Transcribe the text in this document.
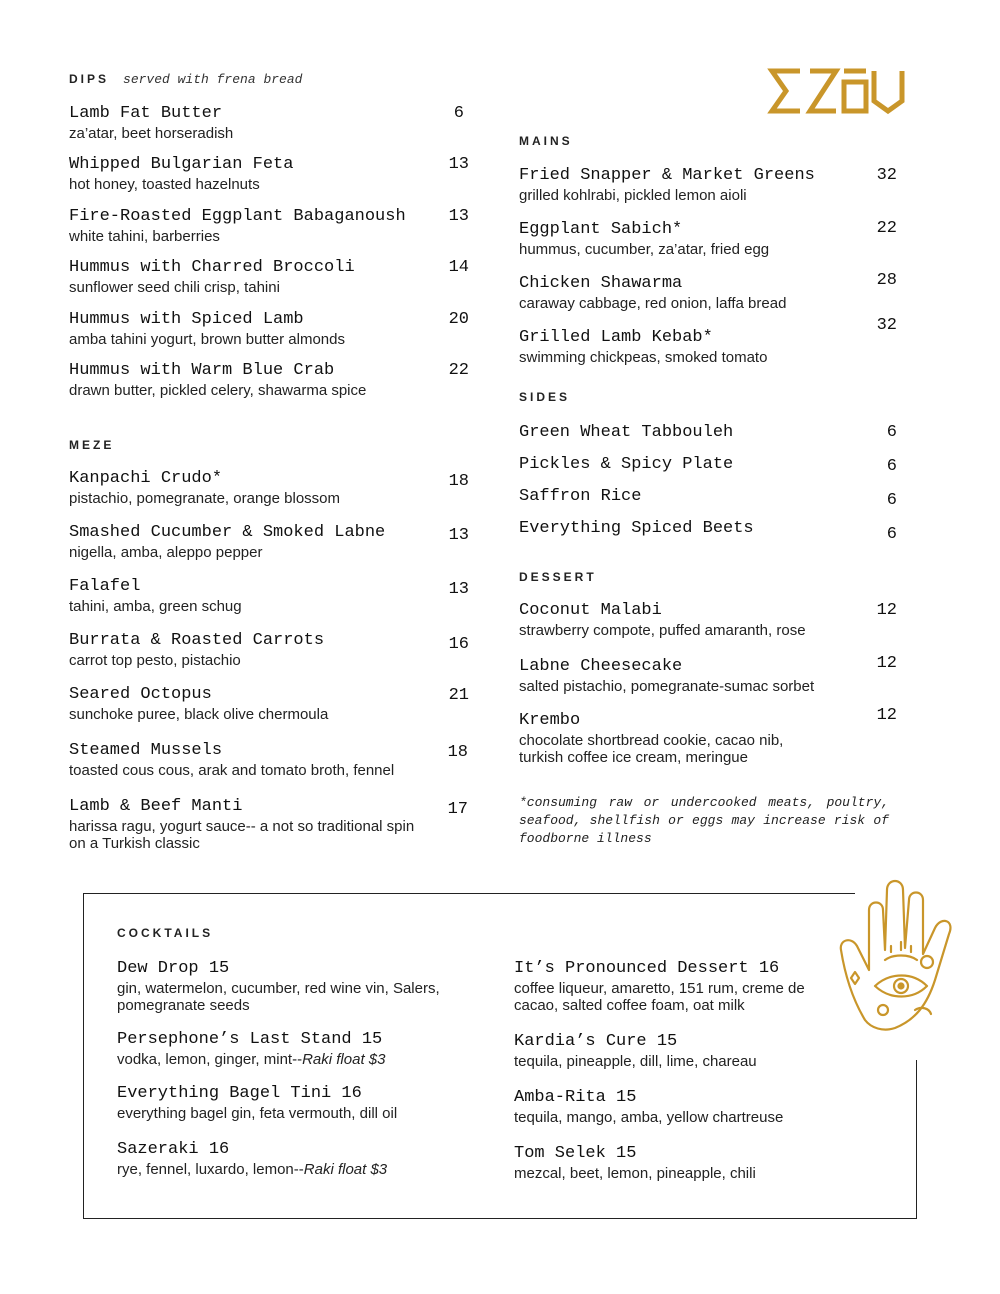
EZOV
DIPS served with frena bread
Lamb Fat Butter
za’atar, beet horseradish
6
Whipped Bulgarian Feta
hot honey, toasted hazelnuts
13
Fire-Roasted Eggplant Babaganoush
white tahini, barberries
13
Hummus with Charred Broccoli
sunflower seed chili crisp, tahini
14
Hummus with Spiced Lamb
amba tahini yogurt, brown butter almonds
20
Hummus with Warm Blue Crab
drawn butter, pickled celery, shawarma spice
22
MEZE
Kanpachi Crudo*
pistachio, pomegranate, orange blossom
18
Smashed Cucumber & Smoked Labne
nigella, amba, aleppo pepper
13
Falafel
tahini, amba, green schug
13
Burrata & Roasted Carrots
carrot top pesto, pistachio
16
Seared Octopus
sunchoke puree, black olive chermoula
21
Steamed Mussels
toasted cous cous, arak and tomato broth, fennel
18
Lamb & Beef Manti
harissa ragu, yogurt sauce-- a not so traditional spin on a Turkish classic
17
MAINS
Fried Snapper & Market Greens
grilled kohlrabi, pickled lemon aioli
32
Eggplant Sabich*
hummus, cucumber, za’atar, fried egg
22
Chicken Shawarma
caraway cabbage, red onion, laffa bread
28
Grilled Lamb Kebab*
swimming chickpeas, smoked tomato
32
SIDES
Green Wheat Tabbouleh	6
Pickles & Spicy Plate	6
Saffron Rice	6
Everything Spiced Beets	6
DESSERT
Coconut Malabi
strawberry compote, puffed amaranth, rose
12
Labne Cheesecake
salted pistachio, pomegranate-sumac sorbet
12
Krembo
chocolate shortbread cookie, cacao nib, turkish coffee ice cream, meringue
12
*consuming raw or undercooked meats, poultry, seafood, shellfish or eggs may increase risk of foodborne illness
COCKTAILS
Dew Drop 15
gin, watermelon, cucumber, red wine vin, Salers, pomegranate seeds
Persephone’s Last Stand 15
vodka, lemon, ginger, mint--Raki float $3
Everything Bagel Tini 16
everything bagel gin, feta vermouth, dill oil
Sazeraki 16
rye, fennel, luxardo, lemon--Raki float $3
It’s Pronounced Dessert 16
coffee liqueur, amaretto, 151 rum, creme de cacao, salted coffee foam, oat milk
Kardia’s Cure 15
tequila, pineapple, dill, lime, chareau
Amba-Rita 15
tequila, mango, amba, yellow chartreuse
Tom Selek 15
mezcal, beet, lemon, pineapple, chili
